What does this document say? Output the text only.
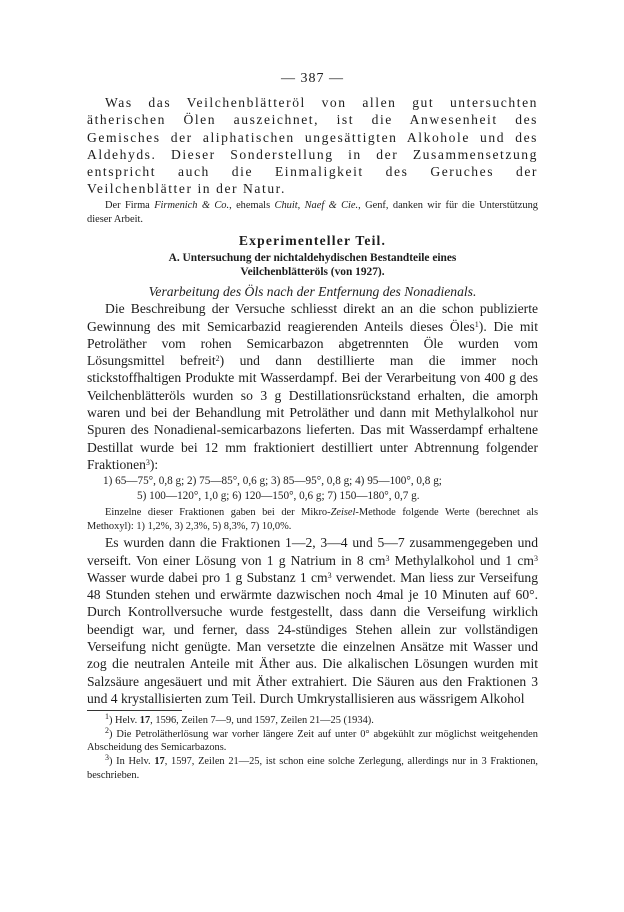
— 387 —

Was das Veilchenblätteröl von allen gut untersuchten ätherischen Ölen auszeichnet, ist die Anwesenheit des Gemisches der aliphatischen ungesättigten Alkohole und des Aldehyds. Dieser Sonderstellung in der Zusammensetzung entspricht auch die Einmaligkeit des Geruches der Veilchenblätter in der Natur.

Der Firma Firmenich & Co., ehemals Chuit, Naef & Cie., Genf, danken wir für die Unterstützung dieser Arbeit.

Experimenteller Teil.
A. Untersuchung der nichtaldehydischen Bestandteile eines Veilchenblätteröls (von 1927).
Verarbeitung des Öls nach der Entfernung des Nonadienals.

Die Beschreibung der Versuche schliesst direkt an an die schon publizierte Gewinnung des mit Semicarbazid reagierenden Anteils dieses Öles$^1$). Die mit Petroläther vom rohen Semicarbazon abgetrennten Öle wurden vom Lösungsmittel befreit$^2$) und dann destillierte man die immer noch stickstoffhaltigen Produkte mit Wasserdampf. Bei der Verarbeitung von 400 g des Veilchenblätteröls wurden so 3 g Destillationsrückstand erhalten, die amorph waren und bei der Behandlung mit Petroläther und dann mit Methylalkohol nur Spuren des Nonadienal-semicarbazons lieferten. Das mit Wasserdampf erhaltene Destillat wurde bei 12 mm fraktioniert destilliert unter Abtrennung folgender Fraktionen$^3$):

1) 65—75°, 0,8 g; 2) 75—85°, 0,6 g; 3) 85—95°, 0,8 g; 4) 95—100°, 0,8 g;
5) 100—120°, 1,0 g; 6) 120—150°, 0,6 g; 7) 150—180°, 0,7 g.

Einzelne dieser Fraktionen gaben bei der Mikro-Zeisel-Methode folgende Werte (berechnet als Methoxyl): 1) 1,2%, 3) 2,3%, 5) 8,3%, 7) 10,0%.

Es wurden dann die Fraktionen 1—2, 3—4 und 5—7 zusammengegeben und verseift. Von einer Lösung von 1 g Natrium in 8 $cm^3$ Methylalkohol und 1 $cm^3$ Wasser wurde dabei pro 1 g Substanz 1 $cm^3$ verwendet. Man liess zur Verseifung 48 Stunden stehen und erwärmte dazwischen noch 4mal je 10 Minuten auf 60°. Durch Kontrollversuche wurde festgestellt, dass dann die Verseifung wirklich beendigt war, und ferner, dass 24-stündiges Stehen allein zur vollständigen Verseifung nicht genügte. Man versetzte die einzelnen Ansätze mit Wasser und zog die neutralen Anteile mit Äther aus. Die alkalischen Lösungen wurden mit Salzsäure angesäuert und mit Äther extrahiert. Die Säuren aus den Fraktionen 3 und 4 krystallisierten zum Teil. Durch Umkrystallisieren aus wässrigem Alkohol

$^1$) Helv. 17, 1596, Zeilen 7—9, und 1597, Zeilen 21—25 (1934).
$^2$) Die Petrolätherlösung war vorher längere Zeit auf unter 0° abgekühlt zur möglichst weitgehenden Abscheidung des Semicarbazons.
$^3$) In Helv. 17, 1597, Zeilen 21—25, ist schon eine solche Zerlegung, allerdings nur in 3 Fraktionen, beschrieben.
